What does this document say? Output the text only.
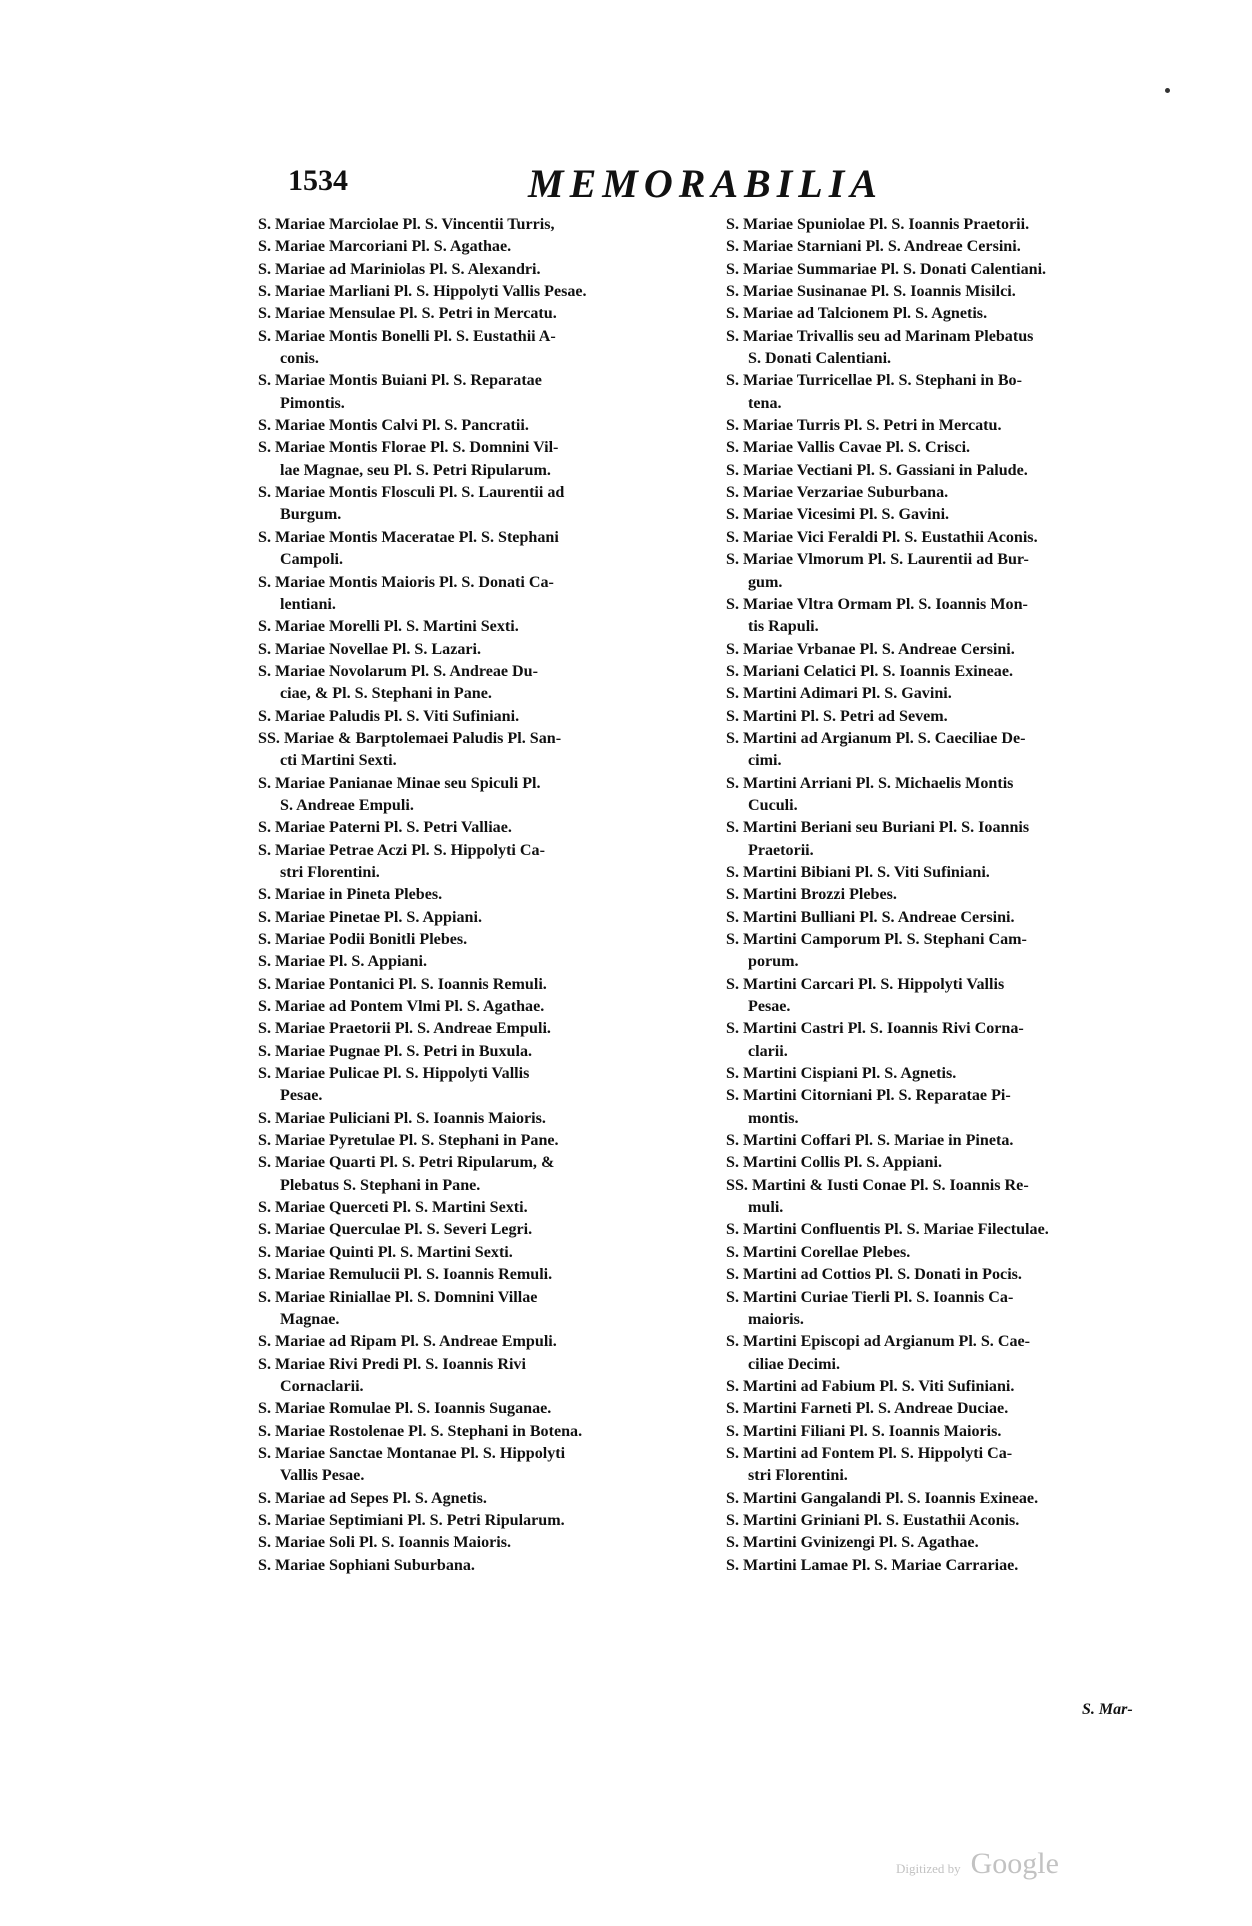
1534	MEMORABILIA
S. Mariae Marciolae Pl. S. Vincentii Turris,
S. Mariae Marcoriani Pl. S. Agathae.
S. Mariae ad Mariniolas Pl. S. Alexandri.
S. Mariae Marliani Pl. S. Hippolyti Vallis Pesae.
S. Mariae Mensulae Pl. S. Petri in Mercatu.
S. Mariae Montis Bonelli Pl. S. Eustathii A-
conis.
S. Mariae Montis Buiani Pl. S. Reparatae
Pimontis.
S. Mariae Montis Calvi Pl. S. Pancratii.
S. Mariae Montis Florae Pl. S. Domnini Vil-
lae Magnae, seu Pl. S. Petri Ripularum.
S. Mariae Montis Flosculi Pl. S. Laurentii ad
Burgum.
S. Mariae Montis Maceratae Pl. S. Stephani
Campoli.
S. Mariae Montis Maioris Pl. S. Donati Ca-
lentiani.
S. Mariae Morelli Pl. S. Martini Sexti.
S. Mariae Novellae Pl. S. Lazari.
S. Mariae Novolarum Pl. S. Andreae Du-
ciae, & Pl. S. Stephani in Pane.
S. Mariae Paludis Pl. S. Viti Sufiniani.
SS. Mariae & Barptolemaei Paludis Pl. San-
cti Martini Sexti.
S. Mariae Panianae Minae seu Spiculi Pl.
S. Andreae Empuli.
S. Mariae Paterni Pl. S. Petri Valliae.
S. Mariae Petrae Aczi Pl. S. Hippolyti Ca-
stri Florentini.
S. Mariae in Pineta Plebes.
S. Mariae Pinetae Pl. S. Appiani.
S. Mariae Podii Bonitli Plebes.
S. Mariae Pl. S. Appiani.
S. Mariae Pontanici Pl. S. Ioannis Remuli.
S. Mariae ad Pontem Vlmi Pl. S. Agathae.
S. Mariae Praetorii Pl. S. Andreae Empuli.
S. Mariae Pugnae Pl. S. Petri in Buxula.
S. Mariae Pulicae Pl. S. Hippolyti Vallis
Pesae.
S. Mariae Puliciani Pl. S. Ioannis Maioris.
S. Mariae Pyretulae Pl. S. Stephani in Pane.
S. Mariae Quarti Pl. S. Petri Ripularum, &
Plebatus S. Stephani in Pane.
S. Mariae Querceti Pl. S. Martini Sexti.
S. Mariae Querculae Pl. S. Severi Legri.
S. Mariae Quinti Pl. S. Martini Sexti.
S. Mariae Remulucii Pl. S. Ioannis Remuli.
S. Mariae Riniallae Pl. S. Domnini Villae
Magnae.
S. Mariae ad Ripam Pl. S. Andreae Empuli.
S. Mariae Rivi Predi Pl. S. Ioannis Rivi
Cornaclarii.
S. Mariae Romulae Pl. S. Ioannis Suganae.
S. Mariae Rostolenae Pl. S. Stephani in Botena.
S. Mariae Sanctae Montanae Pl. S. Hippolyti
Vallis Pesae.
S. Mariae ad Sepes Pl. S. Agnetis.
S. Mariae Septimiani Pl. S. Petri Ripularum.
S. Mariae Soli Pl. S. Ioannis Maioris.
S. Mariae Sophiani Suburbana.
S. Mariae Spuniolae Pl. S. Ioannis Praetorii.
S. Mariae Starniani Pl. S. Andreae Cersini.
S. Mariae Summariae Pl. S. Donati Calentiani.
S. Mariae Susinanae Pl. S. Ioannis Misilci.
S. Mariae ad Talcionem Pl. S. Agnetis.
S. Mariae Trivallis seu ad Marinam Plebatus
S. Donati Calentiani.
S. Mariae Turricellae Pl. S. Stephani in Bo-
tena.
S. Mariae Turris Pl. S. Petri in Mercatu.
S. Mariae Vallis Cavae Pl. S. Crisci.
S. Mariae Vectiani Pl. S. Gassiani in Palude.
S. Mariae Verzariae Suburbana.
S. Mariae Vicesimi Pl. S. Gavini.
S. Mariae Vici Feraldi Pl. S. Eustathii Aconis.
S. Mariae Vlmorum Pl. S. Laurentii ad Bur-
gum.
S. Mariae Vltra Ormam Pl. S. Ioannis Mon-
tis Rapuli.
S. Mariae Vrbanae Pl. S. Andreae Cersini.
S. Mariani Celatici Pl. S. Ioannis Exineae.
S. Martini Adimari Pl. S. Gavini.
S. Martini Pl. S. Petri ad Sevem.
S. Martini ad Argianum Pl. S. Caeciliae De-
cimi.
S. Martini Arriani Pl. S. Michaelis Montis
Cuculi.
S. Martini Beriani seu Buriani Pl. S. Ioannis
Praetorii.
S. Martini Bibiani Pl. S. Viti Sufiniani.
S. Martini Brozzi Plebes.
S. Martini Bulliani Pl. S. Andreae Cersini.
S. Martini Camporum Pl. S. Stephani Cam-
porum.
S. Martini Carcari Pl. S. Hippolyti Vallis
Pesae.
S. Martini Castri Pl. S. Ioannis Rivi Corna-
clarii.
S. Martini Cispiani Pl. S. Agnetis.
S. Martini Citorniani Pl. S. Reparatae Pi-
montis.
S. Martini Coffari Pl. S. Mariae in Pineta.
S. Martini Collis Pl. S. Appiani.
SS. Martini & Iusti Conae Pl. S. Ioannis Re-
muli.
S. Martini Confluentis Pl. S. Mariae Filectulae.
S. Martini Corellae Plebes.
S. Martini ad Cottios Pl. S. Donati in Pocis.
S. Martini Curiae Tierli Pl. S. Ioannis Ca-
maioris.
S. Martini Episcopi ad Argianum Pl. S. Cae-
ciliae Decimi.
S. Martini ad Fabium Pl. S. Viti Sufiniani.
S. Martini Farneti Pl. S. Andreae Duciae.
S. Martini Filiani Pl. S. Ioannis Maioris.
S. Martini ad Fontem Pl. S. Hippolyti Ca-
stri Florentini.
S. Martini Gangalandi Pl. S. Ioannis Exineae.
S. Martini Griniani Pl. S. Eustathii Aconis.
S. Martini Gvinizengi Pl. S. Agathae.
S. Martini Lamae Pl. S. Mariae Carrariae.
S. Mar-
Digitized by Google
